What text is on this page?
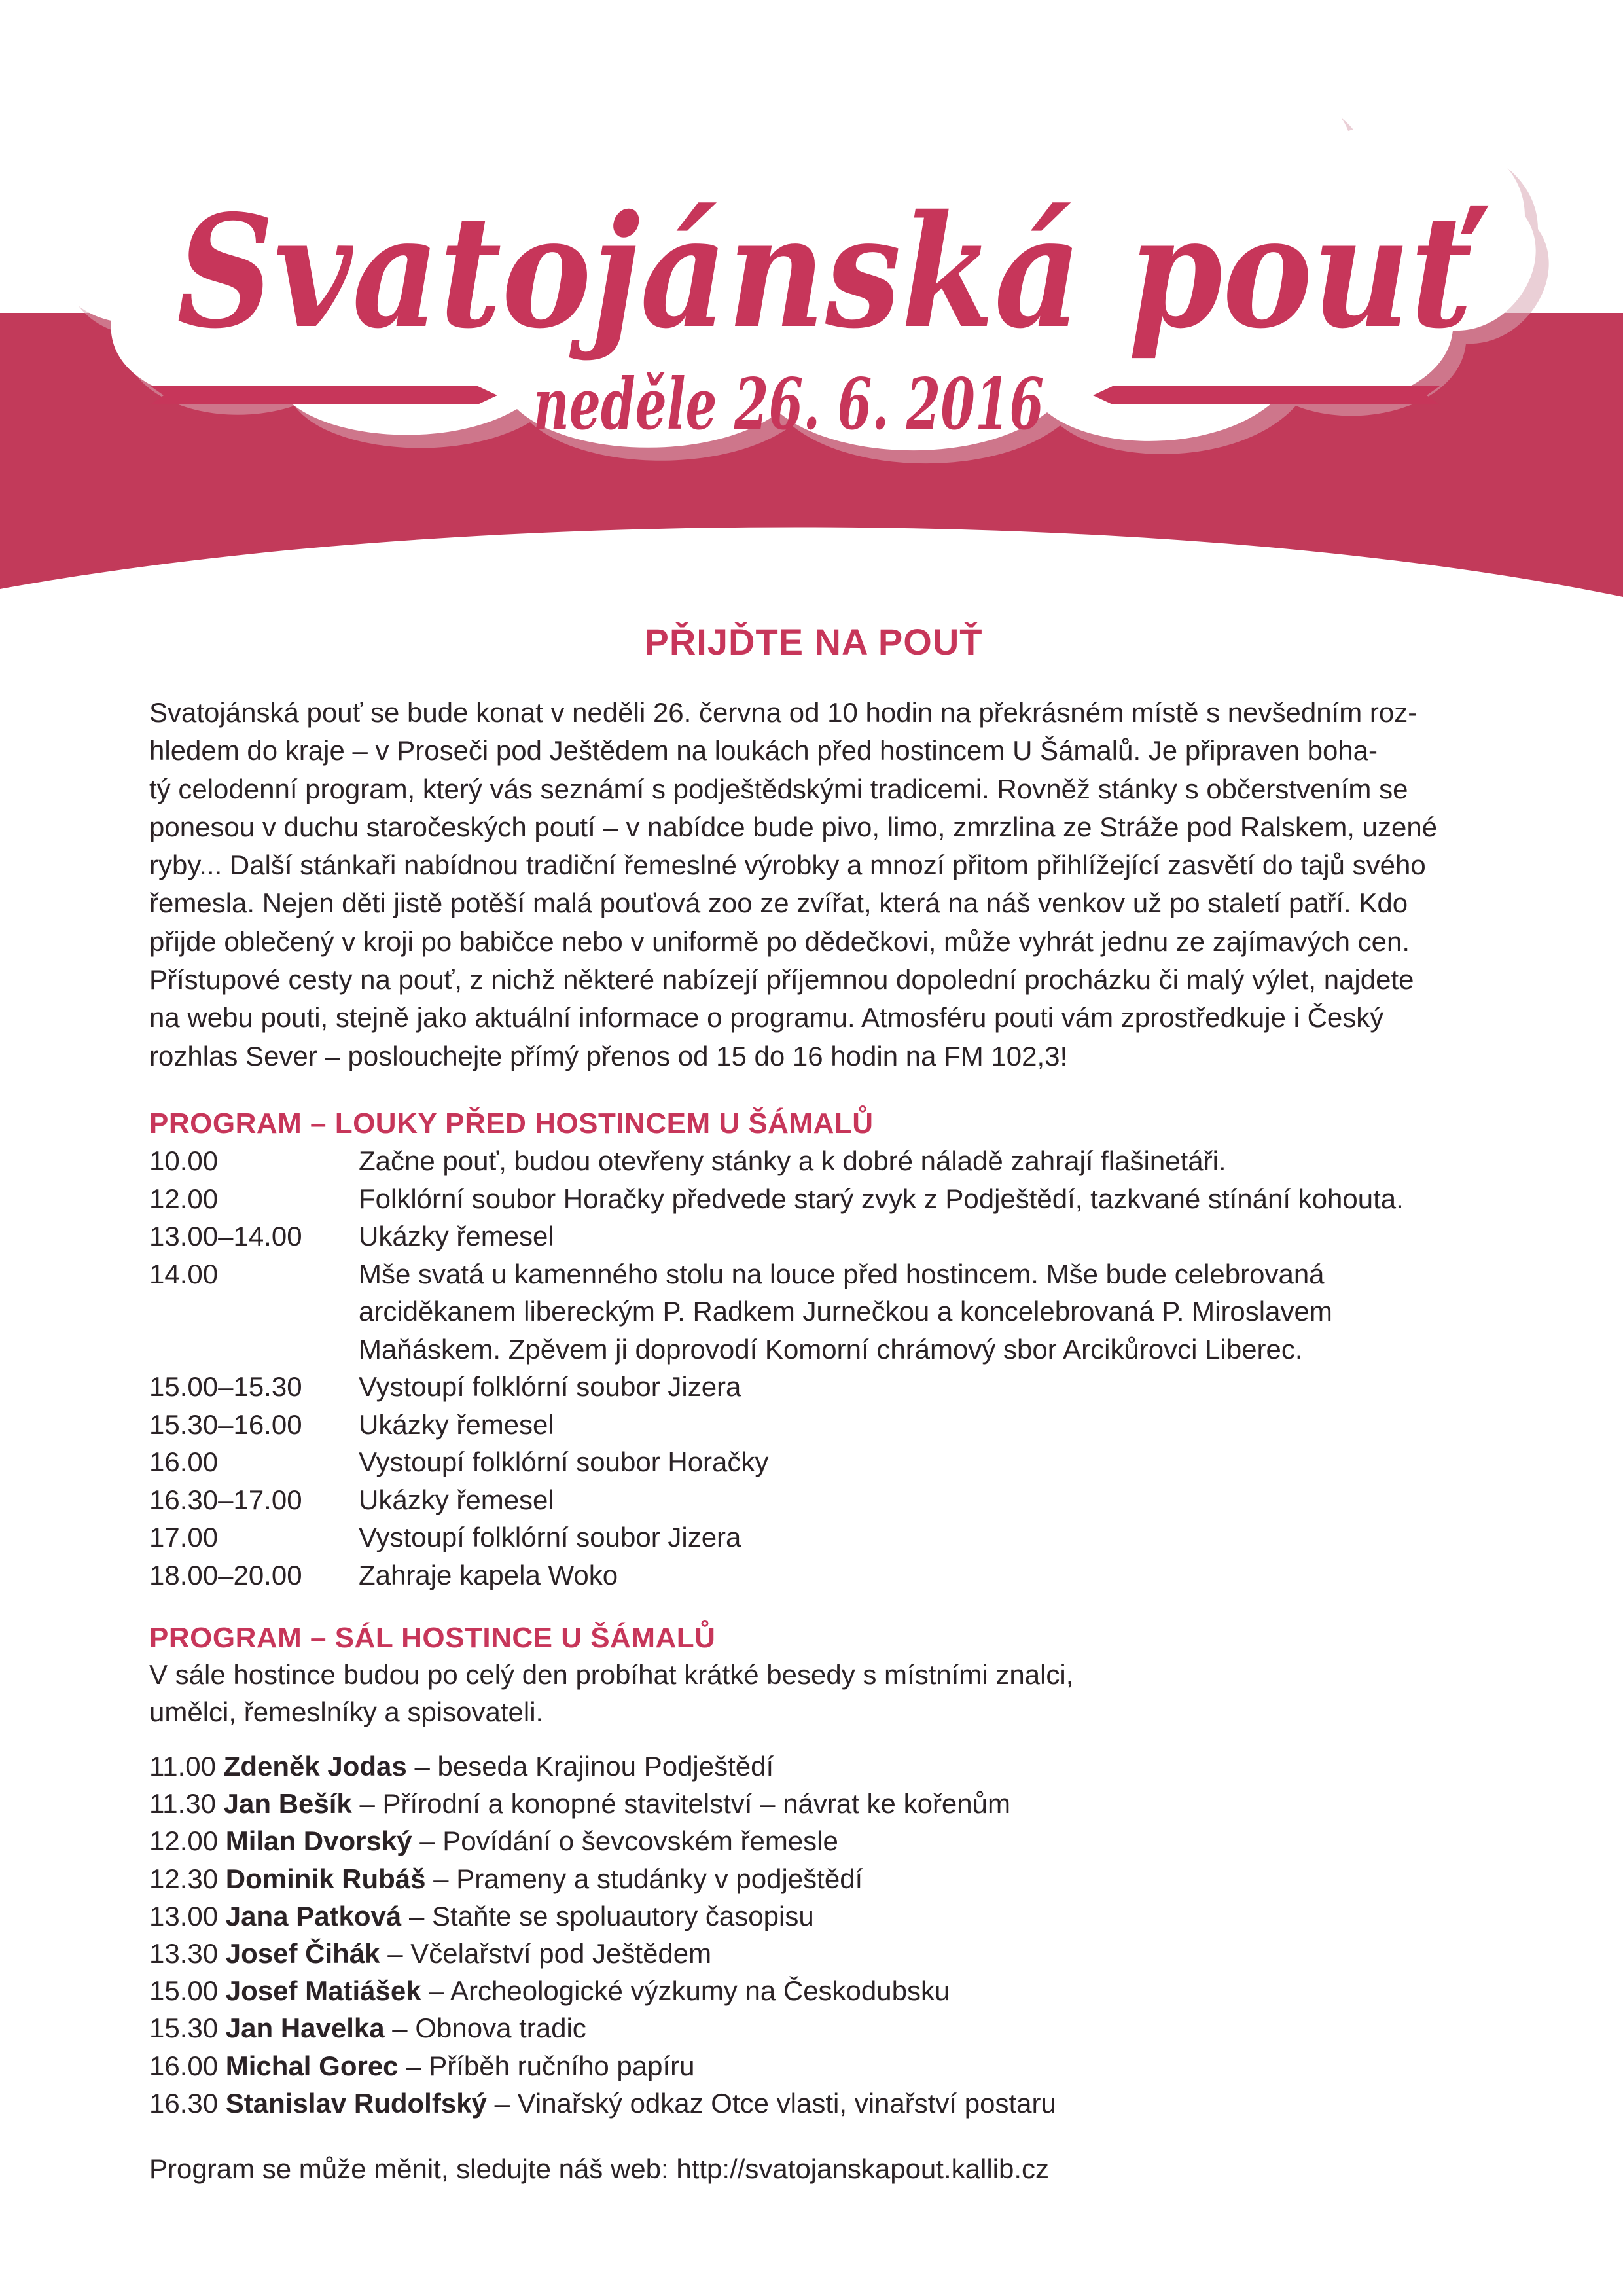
Svatojánská pouť
neděle 26. 6. 2016
PŘIJĎTE NA POUŤ

Svatojánská pouť se bude konat v neděli 26. června od 10 hodin na překrásném místě s nevšedním roz-
hledem do kraje – v Proseči pod Ještědem na loukách před hostincem U Šámalů. Je připraven boha-
tý celodenní program, který vás seznámí s podještědskými tradicemi. Rovněž stánky s občerstvením se
ponesou v duchu staročeských poutí – v nabídce bude pivo, limo, zmrzlina ze Stráže pod Ralskem, uzené
ryby... Další stánkaři nabídnou tradiční řemeslné výrobky a mnozí přitom přihlížející zasvětí do tajů svého
řemesla. Nejen děti jistě potěší malá pouťová zoo ze zvířat, která na náš venkov už po staletí patří. Kdo
přijde oblečený v kroji po babičce nebo v uniformě po dědečkovi, může vyhrát jednu ze zajímavých cen.
Přístupové cesty na pouť, z nichž některé nabízejí příjemnou dopolední procházku či malý výlet, najdete
na webu pouti, stejně jako aktuální informace o programu. Atmosféru pouti vám zprostředkuje i Český
rozhlas Sever – poslouchejte přímý přenos od 15 do 16 hodin na FM 102,3!

PROGRAM – LOUKY PŘED HOSTINCEM U ŠÁMALŮ
10.00	Začne pouť, budou otevřeny stánky a k dobré náladě zahrají flašinetáři.
12.00	Folklórní soubor Horačky předvede starý zvyk z Podještědí, tazkvané stínání kohouta.
13.00–14.00 Ukázky řemesel
14.00	Mše svatá u kamenného stolu na louce před hostincem. Mše bude celebrovaná
arciděkanem libereckým P. Radkem Jurnečkou a koncelebrovaná P. Miroslavem
Maňáskem. Zpěvem ji doprovodí Komorní chrámový sbor Arcikůrovci Liberec.
15.00–15.30 Vystoupí folklórní soubor Jizera
15.30–16.00 Ukázky řemesel
16.00	Vystoupí folklórní soubor Horačky
16.30–17.00 Ukázky řemesel
17.00	Vystoupí folklórní soubor Jizera
18.00–20.00 Zahraje kapela Woko
PROGRAM – SÁL HOSTINCE U ŠÁMALŮ
V sále hostince budou po celý den probíhat krátké besedy s místními znalci,
umělci, řemeslníky a spisovateli.
11.00 Zdeněk Jodas – beseda Krajinou Podještědí
11.30 Jan Bešík – Přírodní a konopné stavitelství – návrat ke kořenům
12.00 Milan Dvorský – Povídání o ševcovském řemesle
12.30 Dominik Rubáš – Prameny a studánky v podještědí
13.00 Jana Patková – Staňte se spoluautory časopisu
13.30 Josef Čihák – Včelařství pod Ještědem
15.00 Josef Matiášek – Archeologické výzkumy na Českodubsku
15.30 Jan Havelka – Obnova tradic
16.00 Michal Gorec – Příběh ručního papíru
16.30 Stanislav Rudolfský – Vinařský odkaz Otce vlasti, vinařství postaru
Program se může měnit, sledujte náš web: http://svatojanskapout.kallib.cz
